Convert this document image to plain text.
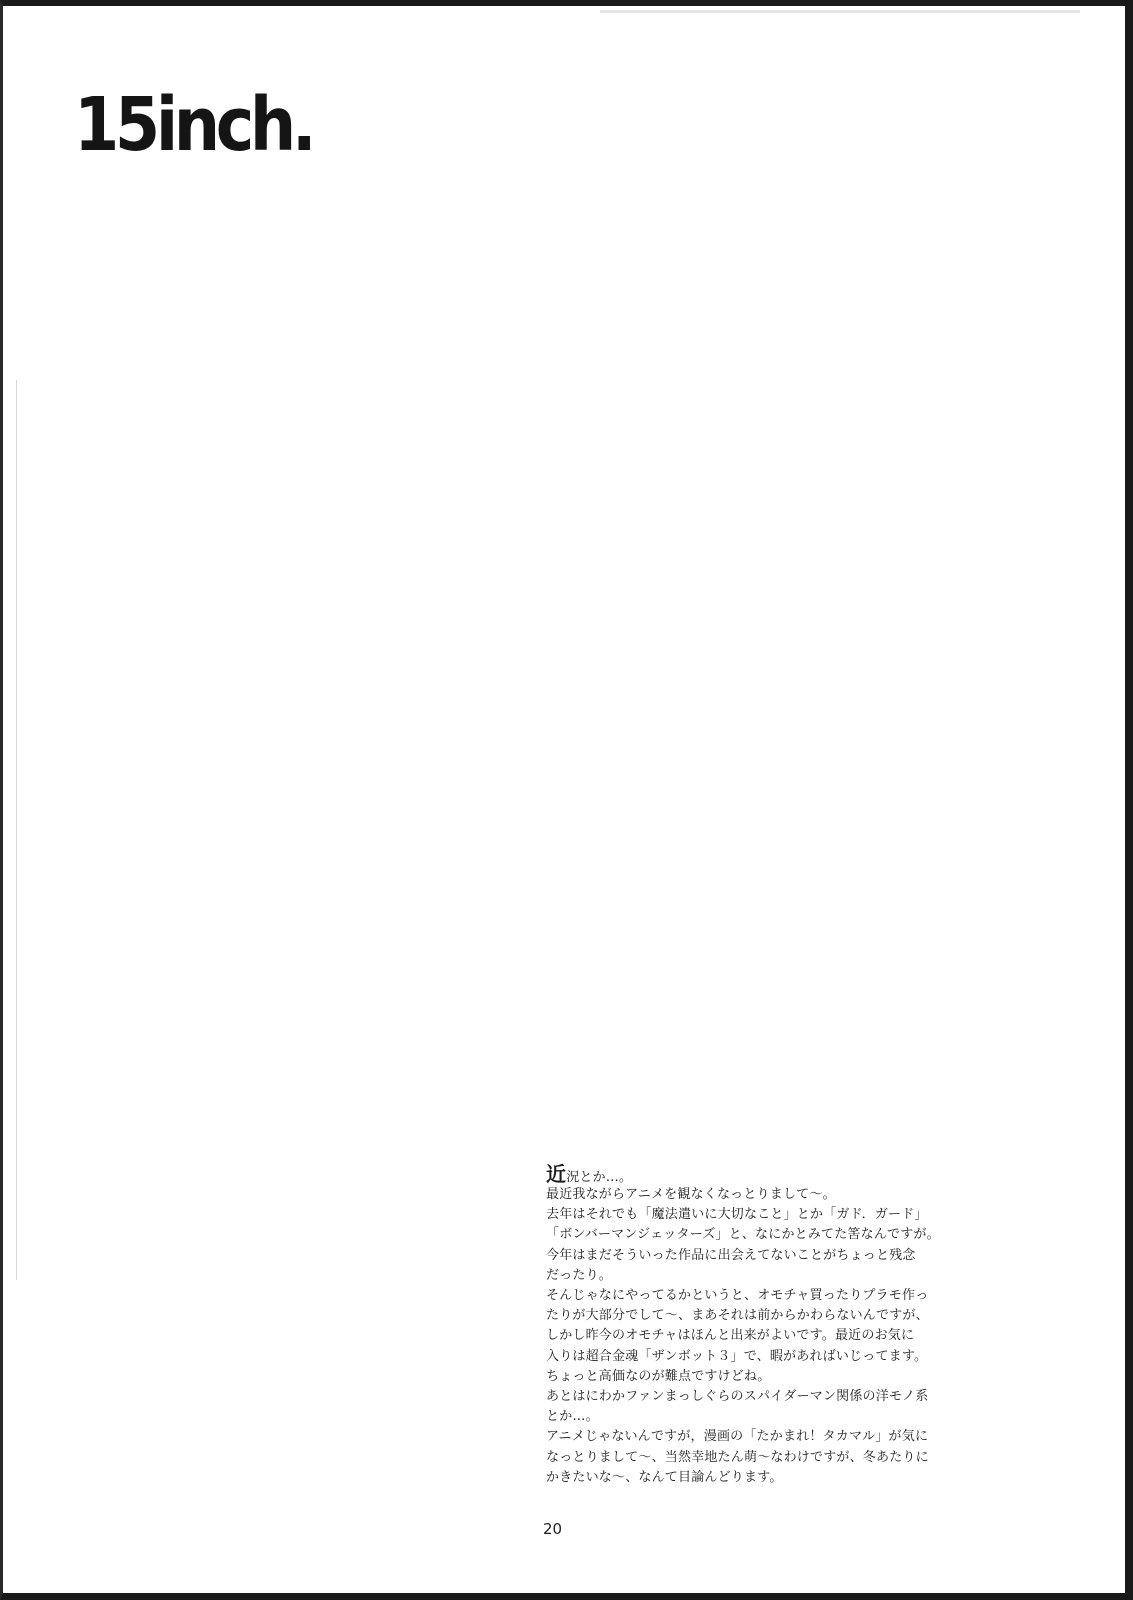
15inch.
近況とか…。
最近我ながらアニメを観なくなっとりまして〜。
去年はそれでも「魔法遣いに大切なこと」とか「ガド．ガード」
「ボンバーマンジェッターズ」と、なにかとみてた筈なんですが。
今年はまだそういった作品に出会えてないことがちょっと残念
だったり。
そんじゃなにやってるかというと、オモチャ買ったりプラモ作っ
たりが大部分でして〜、まあそれは前からかわらないんですが、
しかし昨今のオモチャはほんと出来がよいです。最近のお気に
入りは超合金魂「ザンボット３」で、暇があればいじってます。
ちょっと高価なのが難点ですけどね。
あとはにわかファンまっしぐらのスパイダーマン関係の洋モノ系
とか…。
アニメじゃないんですが，漫画の「たかまれ！タカマル」が気に
なっとりまして〜、当然幸地たん萌〜なわけですが、冬あたりに
かきたいな〜、なんて目論んどります。
20
